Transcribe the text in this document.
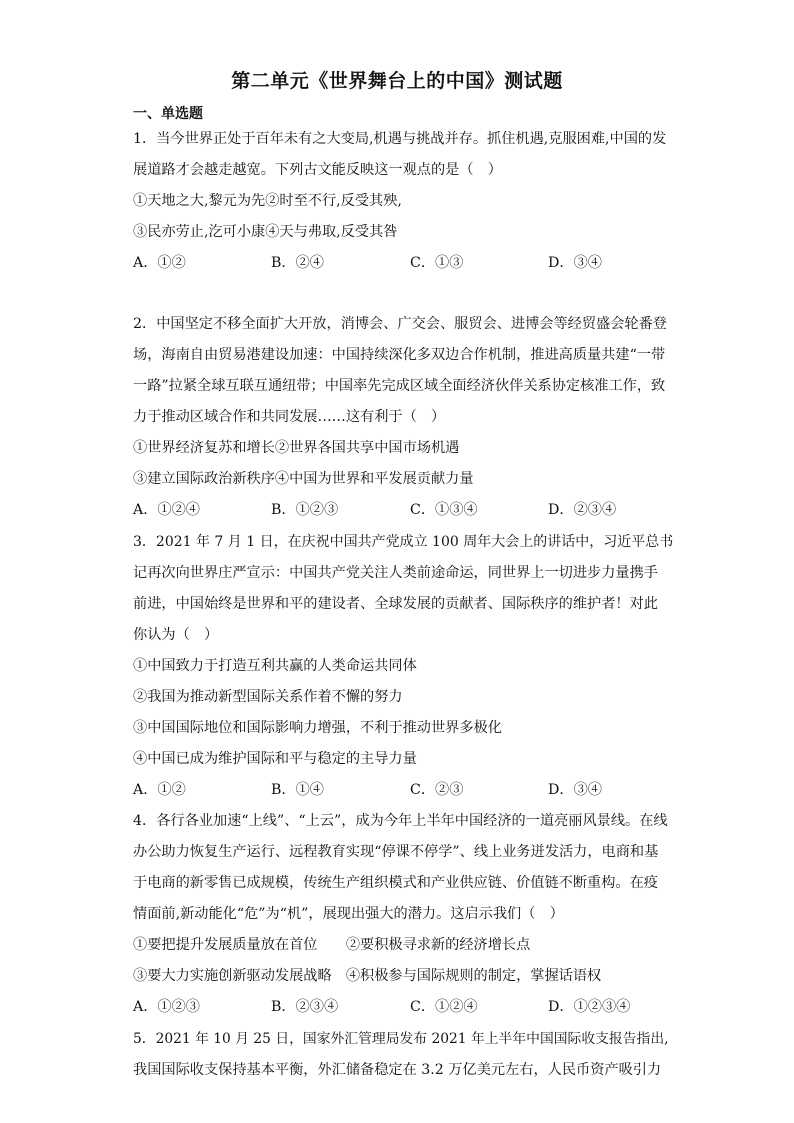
第二单元《世界舞台上的中国》测试题
一、单选题
1．当今世界正处于百年未有之大变局,机遇与挑战并存。抓住机遇,克服困难,中国的发
展道路才会越走越宽。下列古文能反映这一观点的是（　）
①天地之大,黎元为先②时至不行,反受其殃,
③民亦劳止,汔可小康④天与弗取,反受其咎
A．①②	B．②④	C．①③	D．③④
2．中国坚定不移全面扩大开放，消博会、广交会、服贸会、进博会等经贸盛会轮番登
场，海南自由贸易港建设加速：中国持续深化多双边合作机制，推进高质量共建“一带
一路”拉紧全球互联互通纽带；中国率先完成区域全面经济伙伴关系协定核准工作，致
力于推动区域合作和共同发展……这有利于（　）
①世界经济复苏和增长②世界各国共享中国市场机遇
③建立国际政治新秩序④中国为世界和平发展贡献力量
A．①②④	B．①②③	C．①③④	D．②③④
3．2021 年 7 月 1 日，在庆祝中国共产党成立 100 周年大会上的讲话中，习近平总书
记再次向世界庄严宣示：中国共产党关注人类前途命运，同世界上一切进步力量携手
前进，中国始终是世界和平的建设者、全球发展的贡献者、国际秩序的维护者！对此
你认为（　）
①中国致力于打造互利共赢的人类命运共同体
②我国为推动新型国际关系作着不懈的努力
③中国国际地位和国际影响力增强，不利于推动世界多极化
④中国已成为维护国际和平与稳定的主导力量
A．①②	B．①④	C．②③	D．③④
4．各行各业加速“上线”、“上云”，成为今年上半年中国经济的一道亮丽风景线。在线
办公助力恢复生产运行、远程教育实现“停课不停学”、线上业务迸发活力，电商和基
于电商的新零售已成规模，传统生产组织模式和产业供应链、价值链不断重构。在疫
情面前,新动能化“危”为“机”，展现出强大的潜力。这启示我们（　）
①要把提升发展质量放在首位　　②要积极寻求新的经济增长点
③要大力实施创新驱动发展战略　④积极参与国际规则的制定，掌握话语权
A．①②③	B．②③④	C．①②④	D．①②③④
5．2021 年 10 月 25 日，国家外汇管理局发布 2021 年上半年中国国际收支报告指出,
我国国际收支保持基本平衡，外汇储备稳定在 3.2 万亿美元左右，人民币资产吸引力
